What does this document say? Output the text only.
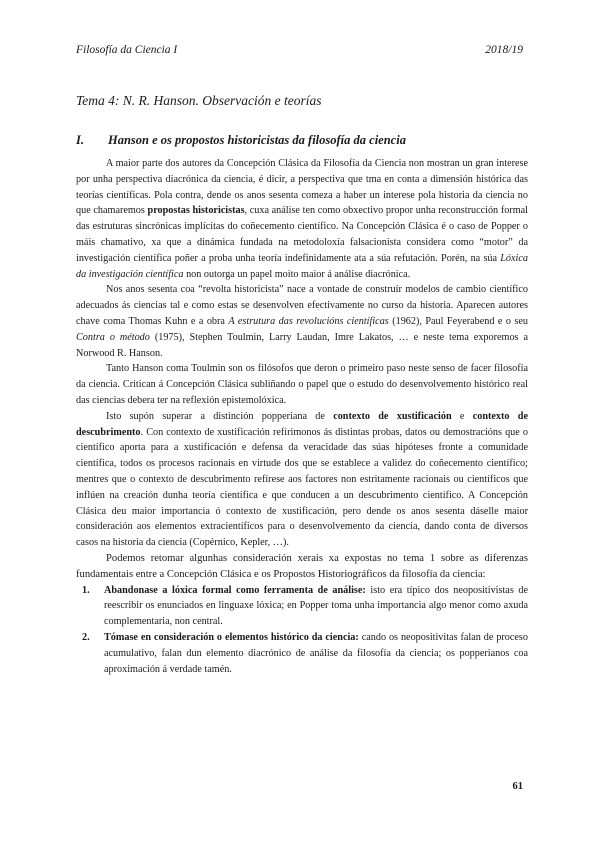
Filosofía da Ciencia I	2018/19
Tema 4: N. R. Hanson. Observación e teorías
I. Hanson e os propostos historicistas da filosofía da ciencia

A maior parte dos autores da Concepción Clásica da Filosofía da Ciencia non mostran un gran interese por unha perspectiva diacrónica da ciencia, é dicir, a perspectiva que tma en conta a dimensión histórica das teorías científicas. Pola contra, dende os anos sesenta comeza a haber un interese pola historia da ciencia no que chamaremos propostas historicistas, cuxa análise ten como obxectivo propor unha reconstrucción formal das estruturas sincrónicas implícitas do coñecemento científico. Na Concepción Clásica é o caso de Popper o máis chamativo, xa que a dinámica fundada na metodoloxía falsacionista considera como “motor” da investigación científica poñer a proba unha teoría indefinidamente ata a súa refutación. Porén, na súa Lóxica da investigación científica non outorga un papel moito maior á análise diacrónica.

Nos anos sesenta coa “revolta historicista” nace a vontade de construír modelos de cambio científico adecuados ás ciencias tal e como estas se desenvolven efectivamente no curso da historia. Aparecen autores chave coma Thomas Kuhn e a obra A estrutura das revolucións científicas (1962), Paul Feyerabend e o seu Contra o método (1975), Stephen Toulmin, Larry Laudan, Imre Lakatos, … e neste tema exporemos a Norwood R. Hanson.

Tanto Hanson coma Toulmin son os filósofos que deron o primeiro paso neste senso de facer filosofía da ciencia. Critican á Concepción Clásica subliñando o papel que o estudo do desenvolvemento histórico real das ciencias debera ter na reflexión epistemolóxica.

Isto supón superar a distinción popperiana de contexto de xustificación e contexto de descubrimento. Con contexto de xustificación refírimonos ás distintas probas, datos ou demostracións que o científico aporta para a xustificación e defensa da veracidade das súas hipóteses fronte a comunidade científica, todos os procesos racionais en virtude dos que se establece a validez do coñecemento científico; mentres que o contexto de descubrimento refírese aos factores non estritamente racionais ou científicos que inflúen na creación dunha teoría científica e que conducen a un descubrimento científico. A Concepción Clásica deu maior importancia ó contexto de xustificación, pero dende os anos sesenta dáselle maior consideración aos elementos extracientíficos para o desenvolvemento da ciencia, dando conta de diversos casos na historia da ciencia (Copérnico, Kepler, …).

Podemos retomar algunhas consideración xerais xa expostas no tema 1 sobre as diferenzas fundamentais entre a Concepción Clásica e os Propostos Historiográficos da filosofía da ciencia:

1. Abandonase a lóxica formal como ferramenta de análise: isto era típico dos neopositivistas de reescribir os enunciados en linguaxe lóxica; en Popper toma unha importancia algo menor como axuda complementaria, non central.
2. Tómase en consideración o elementos histórico da ciencia: cando os neopositivitas falan de proceso acumulativo, falan dun elemento diacrónico de análise da filosofía da ciencia; os popperianos coa aproximación á verdade tamén.
61
